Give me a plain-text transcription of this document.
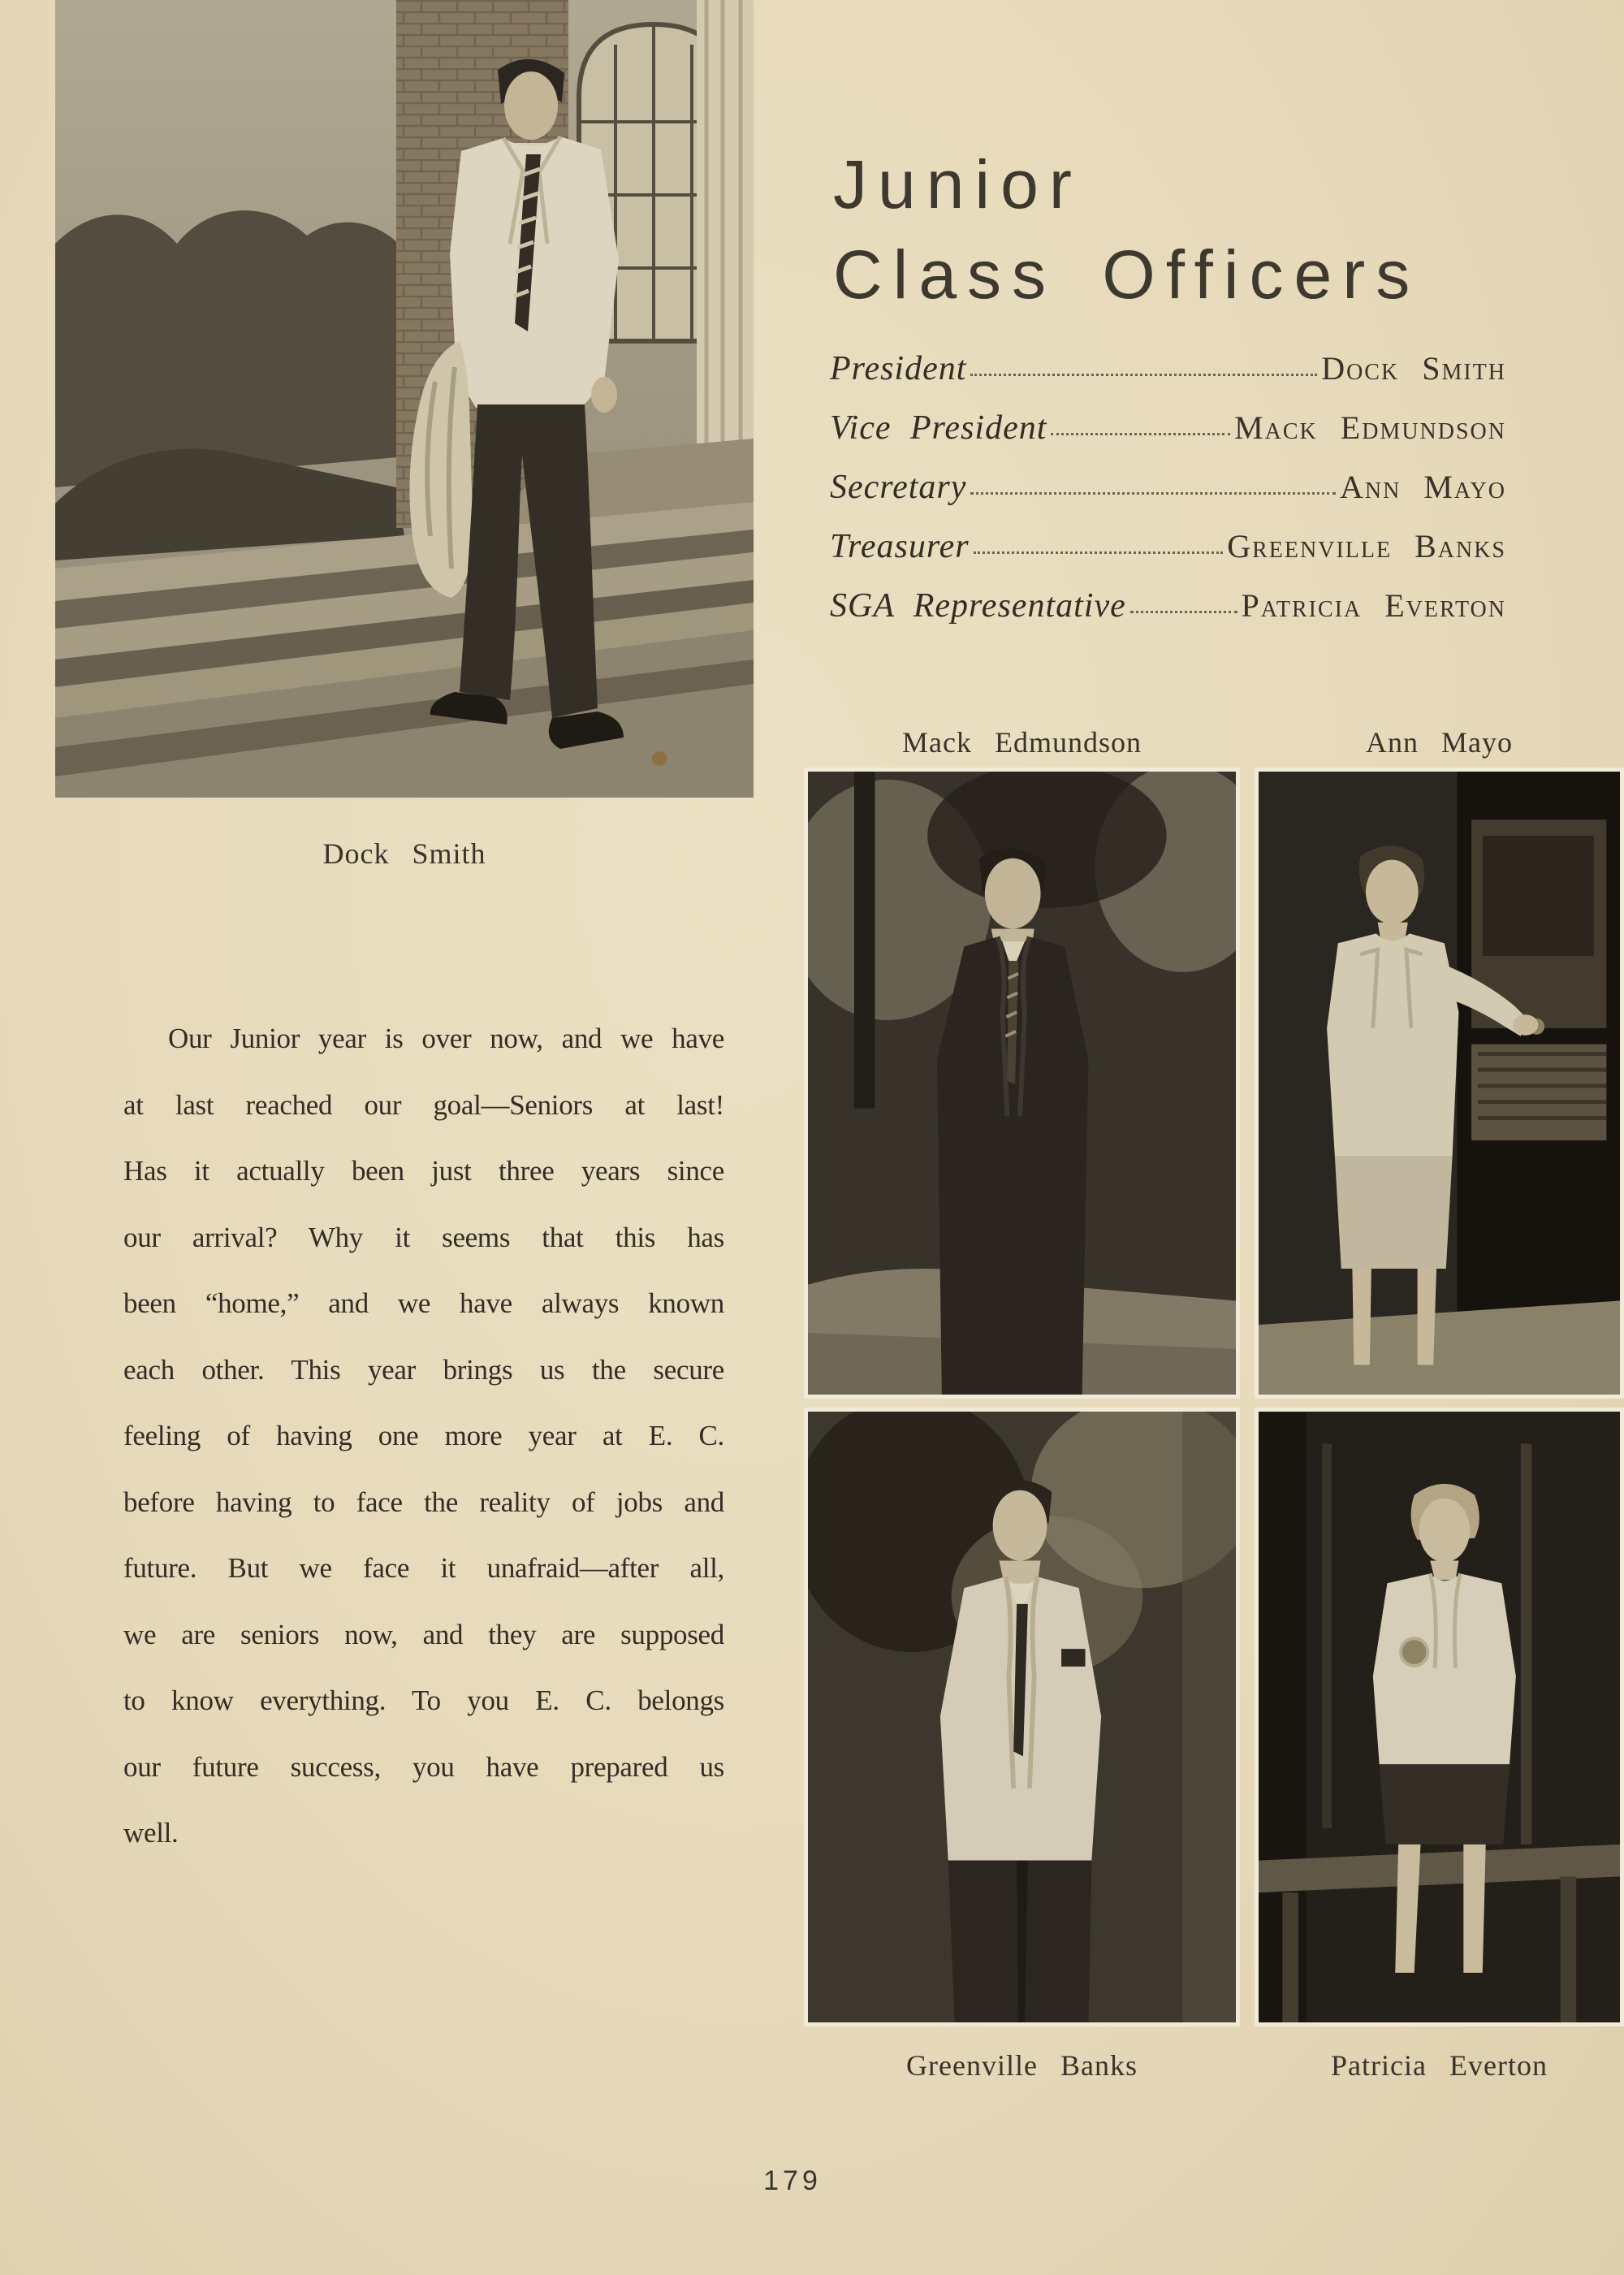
Dock Smith
Junior
Class Officers
President	Dock Smith
Vice President	Mack Edmundson
Secretary	Ann Mayo
Treasurer	Greenville Banks
SGA Representative	Patricia Everton
Mack Edmundson	Ann Mayo
Greenville Banks	Patricia Everton
Our Junior year is over now, and we have
at last reached our goal—Seniors at last!
Has it actually been just three years since
our arrival? Why it seems that this has
been “home,” and we have always known
each other. This year brings us the secure
feeling of having one more year at E. C.
before having to face the reality of jobs and
future. But we face it unafraid—after all,
we are seniors now, and they are supposed
to know everything. To you E. C. belongs
our future success, you have prepared us
well.
179
